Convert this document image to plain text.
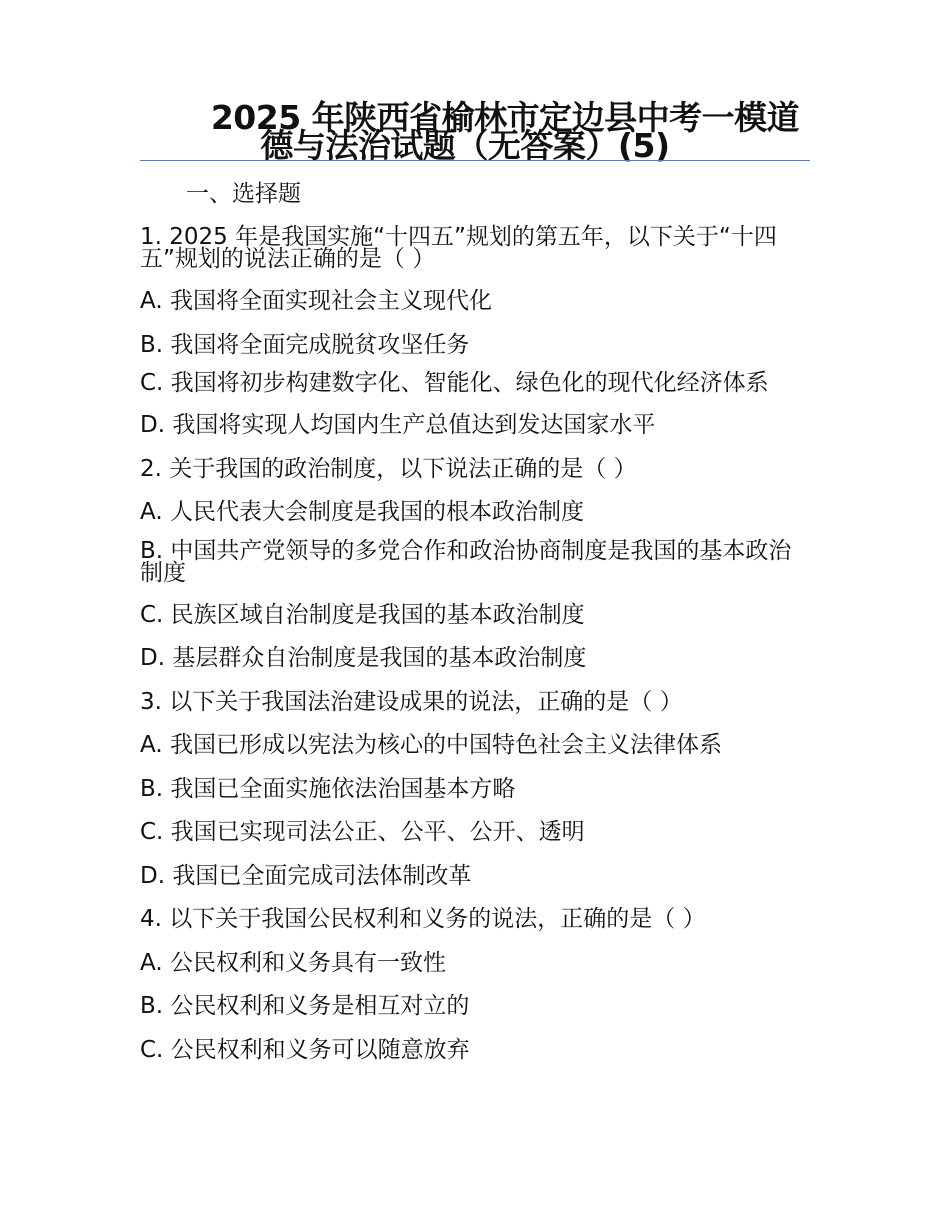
2025 年陕西省榆林市定边县中考一模道
德与法治试题（无答案）(5)
一、选择题
1. 2025 年是我国实施“十四五”规划的第五年，以下关于“十四五”规划的说法正确的是（ ）
A. 我国将全面实现社会主义现代化
B. 我国将全面完成脱贫攻坚任务
C. 我国将初步构建数字化、智能化、绿色化的现代化经济体系
D. 我国将实现人均国内生产总值达到发达国家水平
2. 关于我国的政治制度，以下说法正确的是（ ）
A. 人民代表大会制度是我国的根本政治制度
B. 中国共产党领导的多党合作和政治协商制度是我国的基本政治制度
C. 民族区域自治制度是我国的基本政治制度
D. 基层群众自治制度是我国的基本政治制度
3. 以下关于我国法治建设成果的说法，正确的是（ ）
A. 我国已形成以宪法为核心的中国特色社会主义法律体系
B. 我国已全面实施依法治国基本方略
C. 我国已实现司法公正、公平、公开、透明
D. 我国已全面完成司法体制改革
4. 以下关于我国公民权利和义务的说法，正确的是（ ）
A. 公民权利和义务具有一致性
B. 公民权利和义务是相互对立的
C. 公民权利和义务可以随意放弃
